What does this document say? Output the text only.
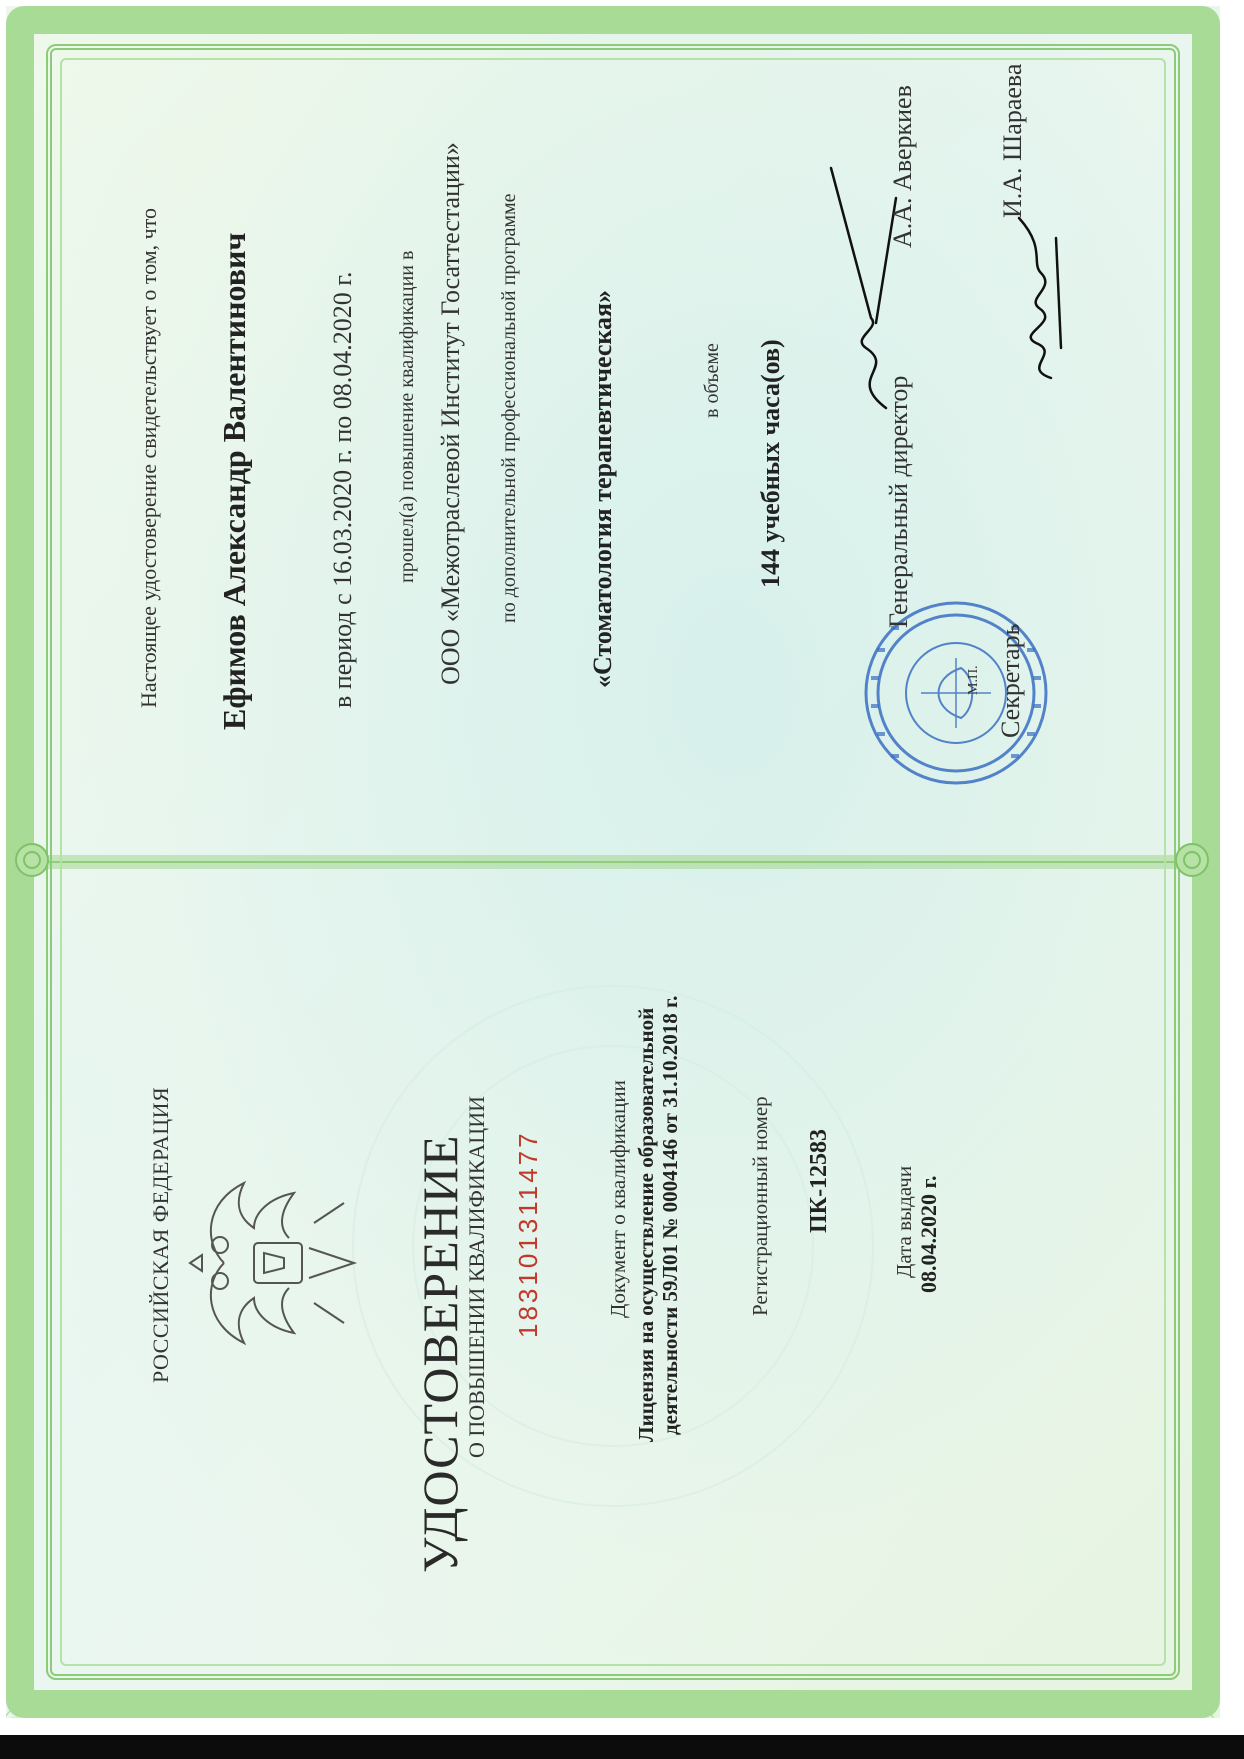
РОССИЙСКАЯ ФЕДЕРАЦИЯ	УДОСТОВЕРЕНИЕ
О ПОВЫШЕНИИ КВАЛИФИКАЦИИ 183101311477	Документ о квалификации Лицензия на осуществление образовательной деятельности 59Л01 № 0004146 от 31.10.2018 г.	Регистрационный номер ПК-12583	Дата выдачи 08.04.2020 г.
Настоящее удостоверение свидетельствует о том, что Ефимов Александр Валентинович	в период с 16.03.2020 г. по 08.04.2020 г. прошел(а) повышение квалификации в ООО «Межотраслевой Институт Госаттестации» по дополнительной профессиональной программе	«Стоматология терапевтическая»	в объеме 144 учебных часа(ов)	Генеральный директор
М.П. Секретарь
А.А. Аверкиев	И.А. Шараева
